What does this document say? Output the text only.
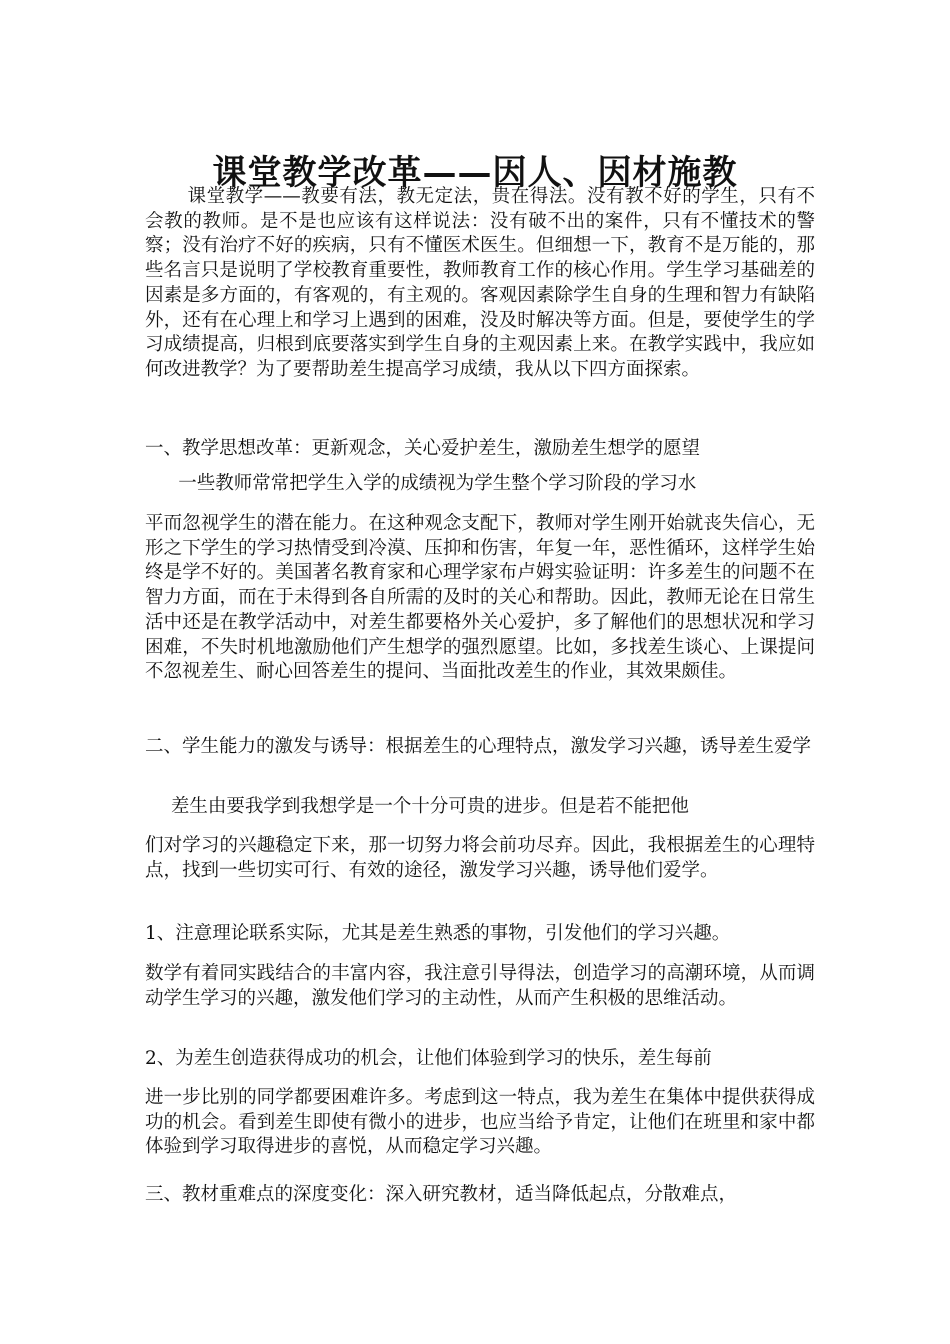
课堂教学改革——因人、因材施教

课堂教学——教要有法，教无定法，贵在得法。没有教不好的学生，只有不会教的教师。是不是也应该有这样说法：没有破不出的案件，只有不懂技术的警察；没有治疗不好的疾病，只有不懂医术医生。但细想一下，教育不是万能的，那些名言只是说明了学校教育重要性，教师教育工作的核心作用。学生学习基础差的因素是多方面的，有客观的，有主观的。客观因素除学生自身的生理和智力有缺陷外，还有在心理上和学习上遇到的困难，没及时解决等方面。但是，要使学生的学习成绩提高，归根到底要落实到学生自身的主观因素上来。在教学实践中，我应如何改进教学？为了要帮助差生提高学习成绩，我从以下四方面探索。

一、教学思想改革：更新观念，关心爱护差生，激励差生想学的愿望

一些教师常常把学生入学的成绩视为学生整个学习阶段的学习水

平而忽视学生的潜在能力。在这种观念支配下，教师对学生刚开始就丧失信心，无形之下学生的学习热情受到冷漠、压抑和伤害，年复一年，恶性循环，这样学生始终是学不好的。美国著名教育家和心理学家布卢姆实验证明：许多差生的问题不在智力方面，而在于未得到各自所需的及时的关心和帮助。因此，教师无论在日常生活中还是在教学活动中，对差生都要格外关心爱护，多了解他们的思想状况和学习困难，不失时机地激励他们产生想学的强烈愿望。比如，多找差生谈心、上课提问不忽视差生、耐心回答差生的提问、当面批改差生的作业，其效果颇佳。

二、学生能力的激发与诱导：根据差生的心理特点，激发学习兴趣，诱导差生爱学

差生由要我学到我想学是一个十分可贵的进步。但是若不能把他

们对学习的兴趣稳定下来，那一切努力将会前功尽弃。因此，我根据差生的心理特点，找到一些切实可行、有效的途径，激发学习兴趣，诱导他们爱学。

1、注意理论联系实际，尤其是差生熟悉的事物，引发他们的学习兴趣。

数学有着同实践结合的丰富内容，我注意引导得法，创造学习的高潮环境，从而调动学生学习的兴趣，激发他们学习的主动性，从而产生积极的思维活动。

2、为差生创造获得成功的机会，让他们体验到学习的快乐，差生每前

进一步比别的同学都要困难许多。考虑到这一特点，我为差生在集体中提供获得成功的机会。看到差生即使有微小的进步，也应当给予肯定，让他们在班里和家中都体验到学习取得进步的喜悦，从而稳定学习兴趣。

三、教材重难点的深度变化：深入研究教材，适当降低起点，分散难点，
